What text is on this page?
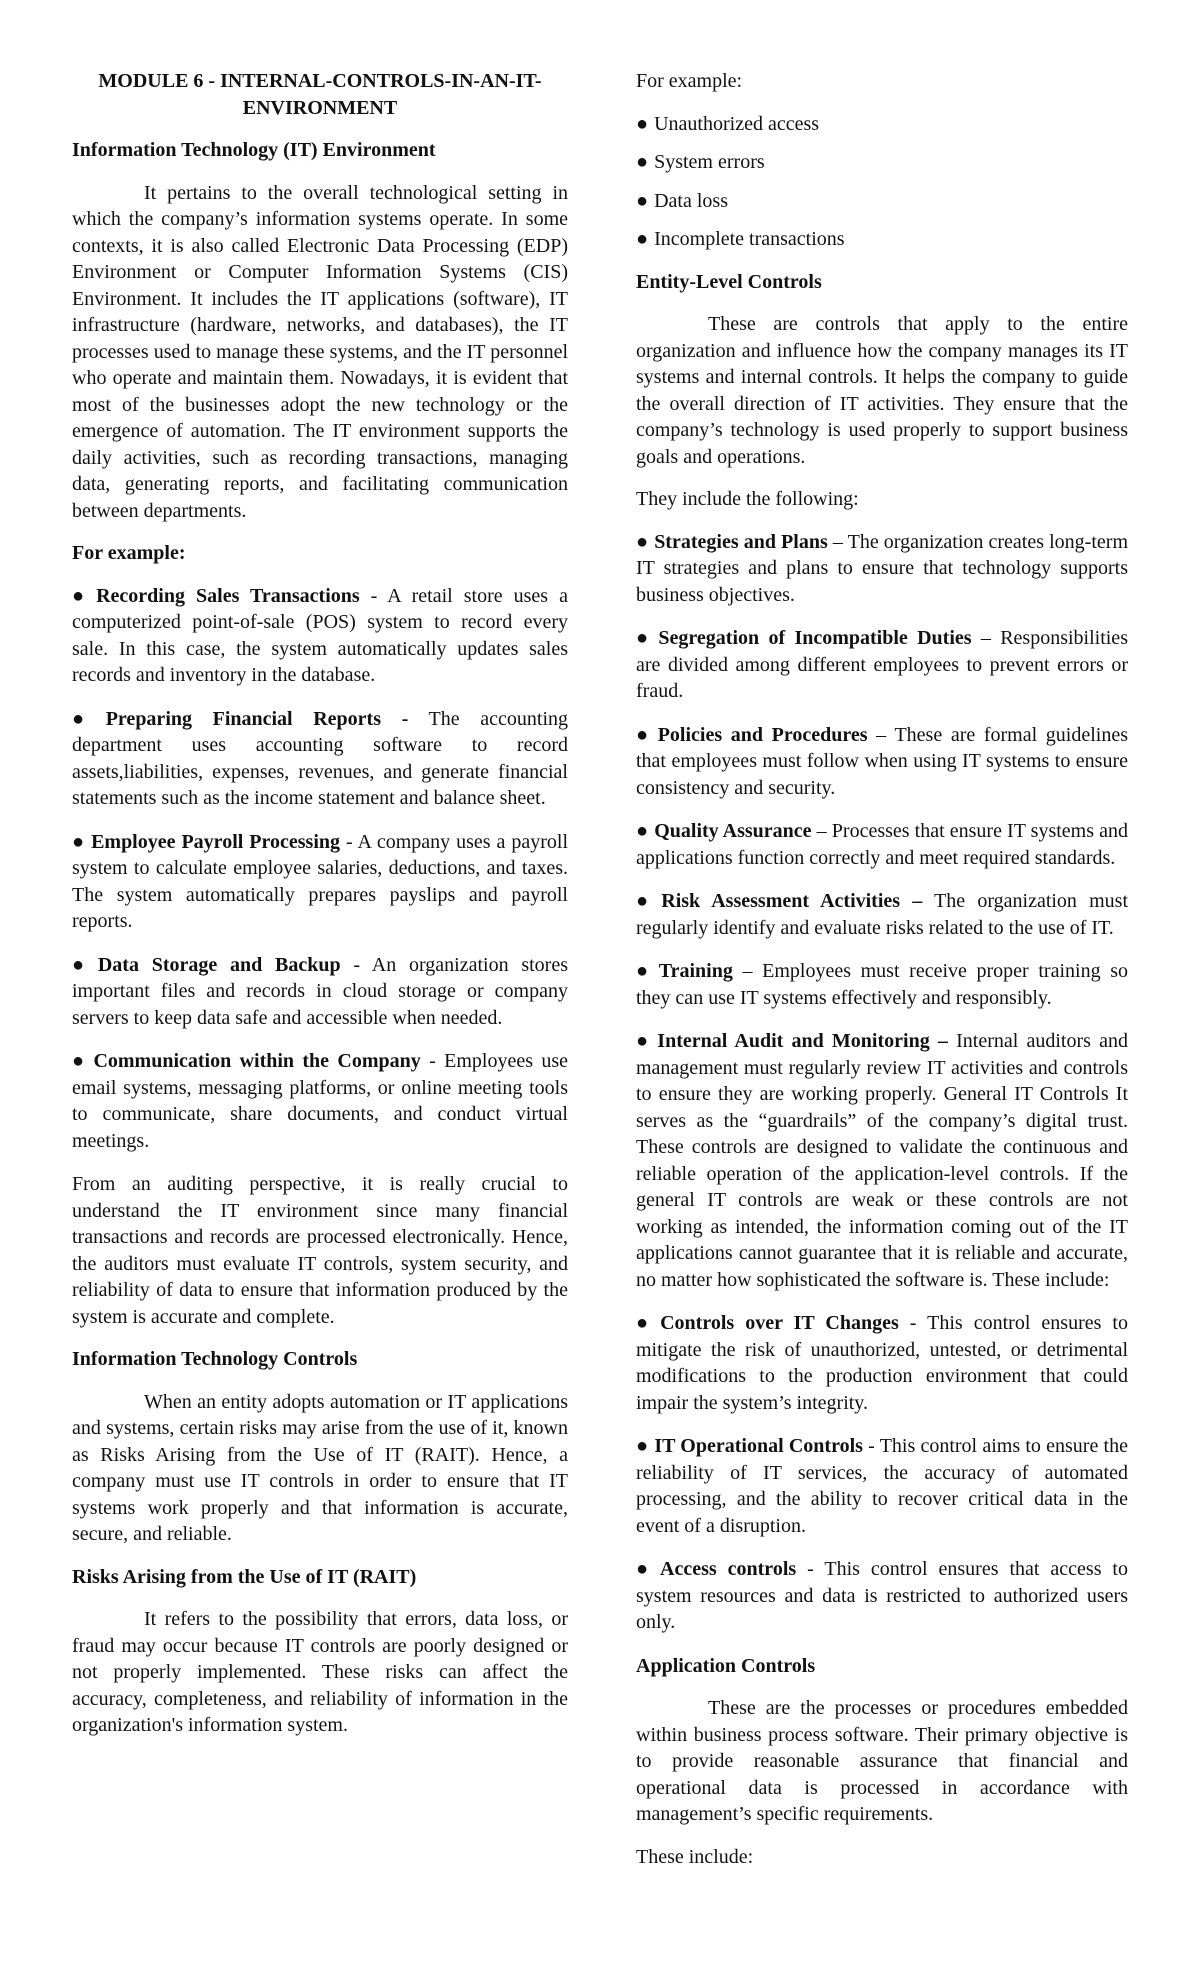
MODULE 6 - INTERNAL-CONTROLS-IN-AN-IT-ENVIRONMENT
Information Technology (IT) Environment

It pertains to the overall technological setting in which the company’s information systems operate. In some contexts, it is also called Electronic Data Processing (EDP) Environment or Computer Information Systems (CIS) Environment. It includes the IT applications (software), IT infrastructure (hardware, networks, and databases), the IT processes used to manage these systems, and the IT personnel who operate and maintain them. Nowadays, it is evident that most of the businesses adopt the new technology or the emergence of automation. The IT environment supports the daily activities, such as recording transactions, managing data, generating reports, and facilitating communication between departments.

For example:
● Recording Sales Transactions - A retail store uses a computerized point-of-sale (POS) system to record every sale. In this case, the system automatically updates sales records and inventory in the database.
● Preparing Financial Reports - The accounting department uses accounting software to record assets,liabilities, expenses, revenues, and generate financial statements such as the income statement and balance sheet.
● Employee Payroll Processing - A company uses a payroll system to calculate employee salaries, deductions, and taxes. The system automatically prepares payslips and payroll reports.
● Data Storage and Backup - An organization stores important files and records in cloud storage or company servers to keep data safe and accessible when needed.
● Communication within the Company - Employees use email systems, messaging platforms, or online meeting tools to communicate, share documents, and conduct virtual meetings.

From an auditing perspective, it is really crucial to understand the IT environment since many financial transactions and records are processed electronically. Hence, the auditors must evaluate IT controls, system security, and reliability of data to ensure that information produced by the system is accurate and complete.

Information Technology Controls

When an entity adopts automation or IT applications and systems, certain risks may arise from the use of it, known as Risks Arising from the Use of IT (RAIT). Hence, a company must use IT controls in order to ensure that IT systems work properly and that information is accurate, secure, and reliable.

Risks Arising from the Use of IT (RAIT)

It refers to the possibility that errors, data loss, or fraud may occur because IT controls are poorly designed or not properly implemented. These risks can affect the accuracy, completeness, and reliability of information in the organization's information system.

For example:

● Unauthorized access
● System errors
● Data loss
● Incomplete transactions
Entity-Level Controls

These are controls that apply to the entire organization and influence how the company manages its IT systems and internal controls. It helps the company to guide the overall direction of IT activities. They ensure that the company’s technology is used properly to support business goals and operations.

They include the following:

● Strategies and Plans – The organization creates long-term IT strategies and plans to ensure that technology supports business objectives.
● Segregation of Incompatible Duties – Responsibilities are divided among different employees to prevent errors or fraud.
● Policies and Procedures – These are formal guidelines that employees must follow when using IT systems to ensure consistency and security.
● Quality Assurance – Processes that ensure IT systems and applications function correctly and meet required standards.
● Risk Assessment Activities – The organization must regularly identify and evaluate risks related to the use of IT.
● Training – Employees must receive proper training so they can use IT systems effectively and responsibly.
● Internal Audit and Monitoring – Internal auditors and management must regularly review IT activities and controls to ensure they are working properly. General IT Controls It serves as the “guardrails” of the company’s digital trust. These controls are designed to validate the continuous and reliable operation of the application-level controls. If the general IT controls are weak or these controls are not working as intended, the information coming out of the IT applications cannot guarantee that it is reliable and accurate, no matter how sophisticated the software is. These include:
● Controls over IT Changes - This control ensures to mitigate the risk of unauthorized, untested, or detrimental modifications to the production environment that could impair the system’s integrity.
● IT Operational Controls - This control aims to ensure the reliability of IT services, the accuracy of automated processing, and the ability to recover critical data in the event of a disruption.
● Access controls - This control ensures that access to system resources and data is restricted to authorized users only.
Application Controls

These are the processes or procedures embedded within business process software. Their primary objective is to provide reasonable assurance that financial and operational data is processed in accordance with management’s specific requirements.

These include:
